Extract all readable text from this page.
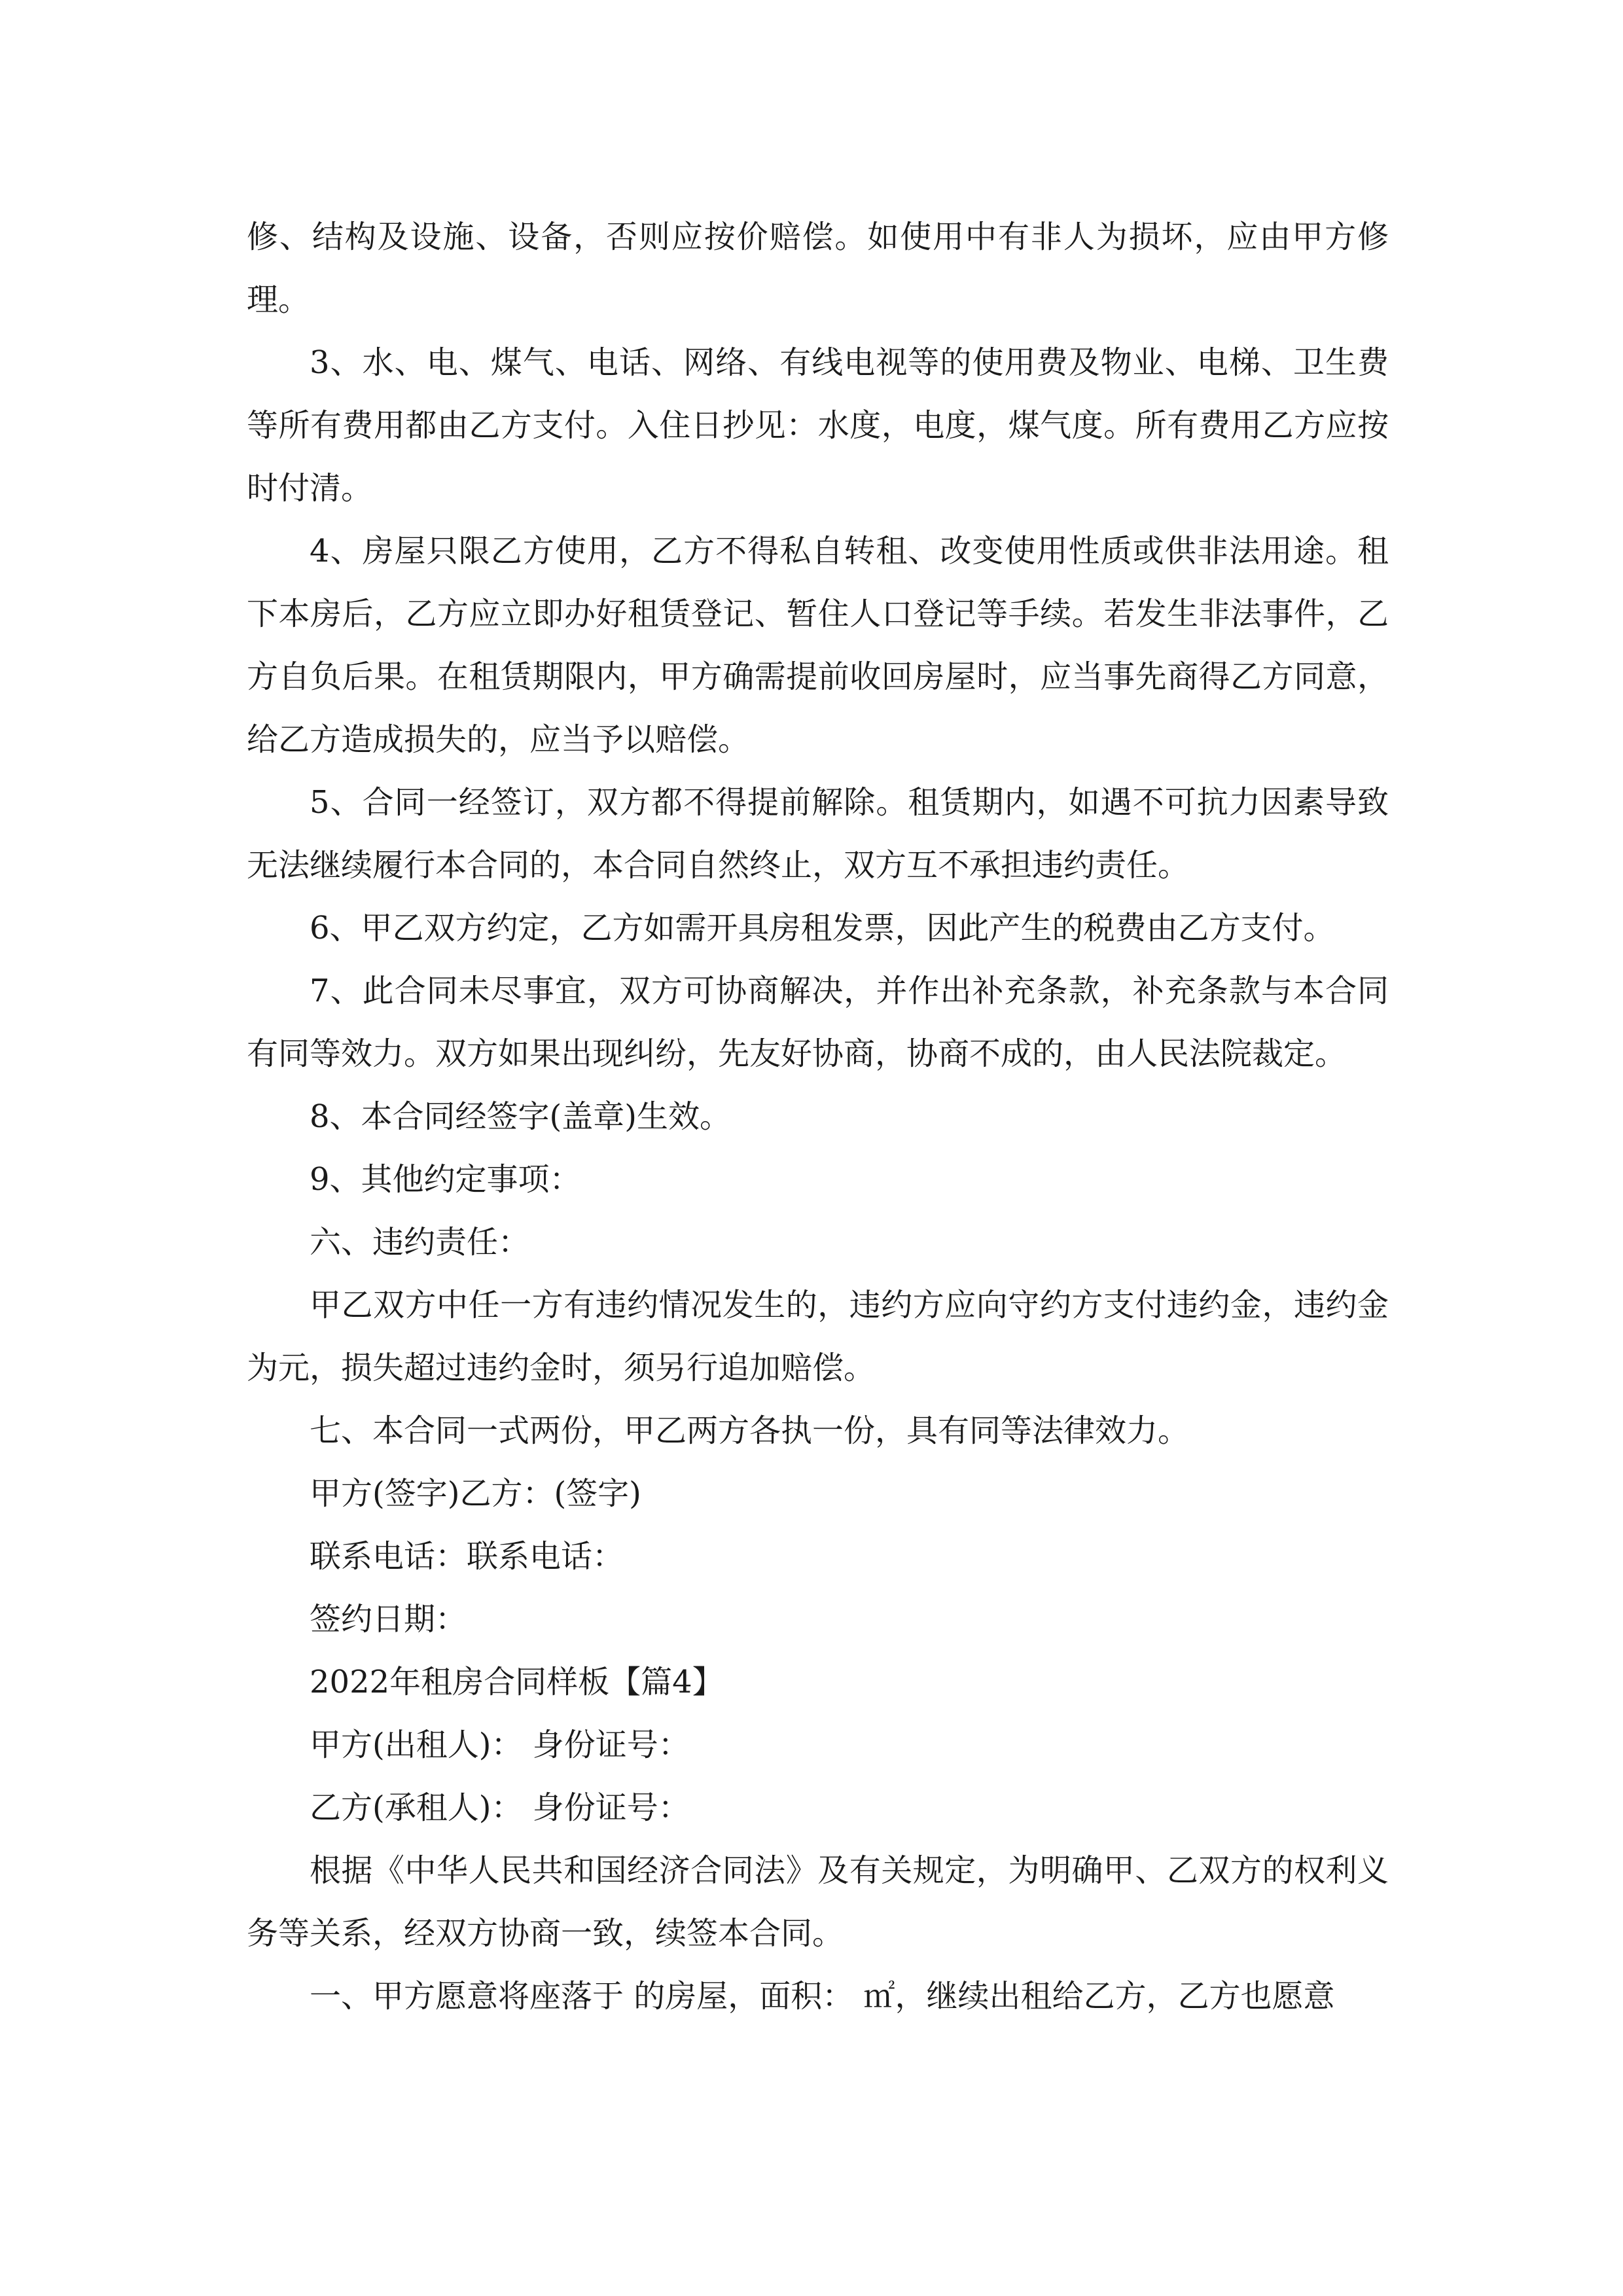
修、结构及设施、设备，否则应按价赔偿。如使用中有非人为损坏，应由甲方修理。

3、水、电、煤气、电话、网络、有线电视等的使用费及物业、电梯、卫生费等所有费用都由乙方支付。入住日抄见：水度，电度，煤气度。所有费用乙方应按时付清。

4、房屋只限乙方使用，乙方不得私自转租、改变使用性质或供非法用途。租下本房后，乙方应立即办好租赁登记、暂住人口登记等手续。若发生非法事件，乙方自负后果。在租赁期限内，甲方确需提前收回房屋时，应当事先商得乙方同意，给乙方造成损失的，应当予以赔偿。

5、合同一经签订，双方都不得提前解除。租赁期内，如遇不可抗力因素导致无法继续履行本合同的，本合同自然终止，双方互不承担违约责任。

6、甲乙双方约定，乙方如需开具房租发票，因此产生的税费由乙方支付。

7、此合同未尽事宜，双方可协商解决，并作出补充条款，补充条款与本合同有同等效力。双方如果出现纠纷，先友好协商，协商不成的，由人民法院裁定。

8、本合同经签字(盖章)生效。

9、其他约定事项：

六、违约责任：

甲乙双方中任一方有违约情况发生的，违约方应向守约方支付违约金，违约金为元，损失超过违约金时，须另行追加赔偿。

七、本合同一式两份，甲乙两方各执一份，具有同等法律效力。

甲方(签字)乙方：(签字)

联系电话：联系电话：

签约日期：

2022年租房合同样板【篇4】

甲方(出租人)： 身份证号：

乙方(承租人)： 身份证号：

根据《中华人民共和国经济合同法》及有关规定，为明确甲、乙双方的权利义务等关系，经双方协商一致，续签本合同。

一、甲方愿意将座落于 的房屋，面积： ㎡，继续出租给乙方，乙方也愿意
